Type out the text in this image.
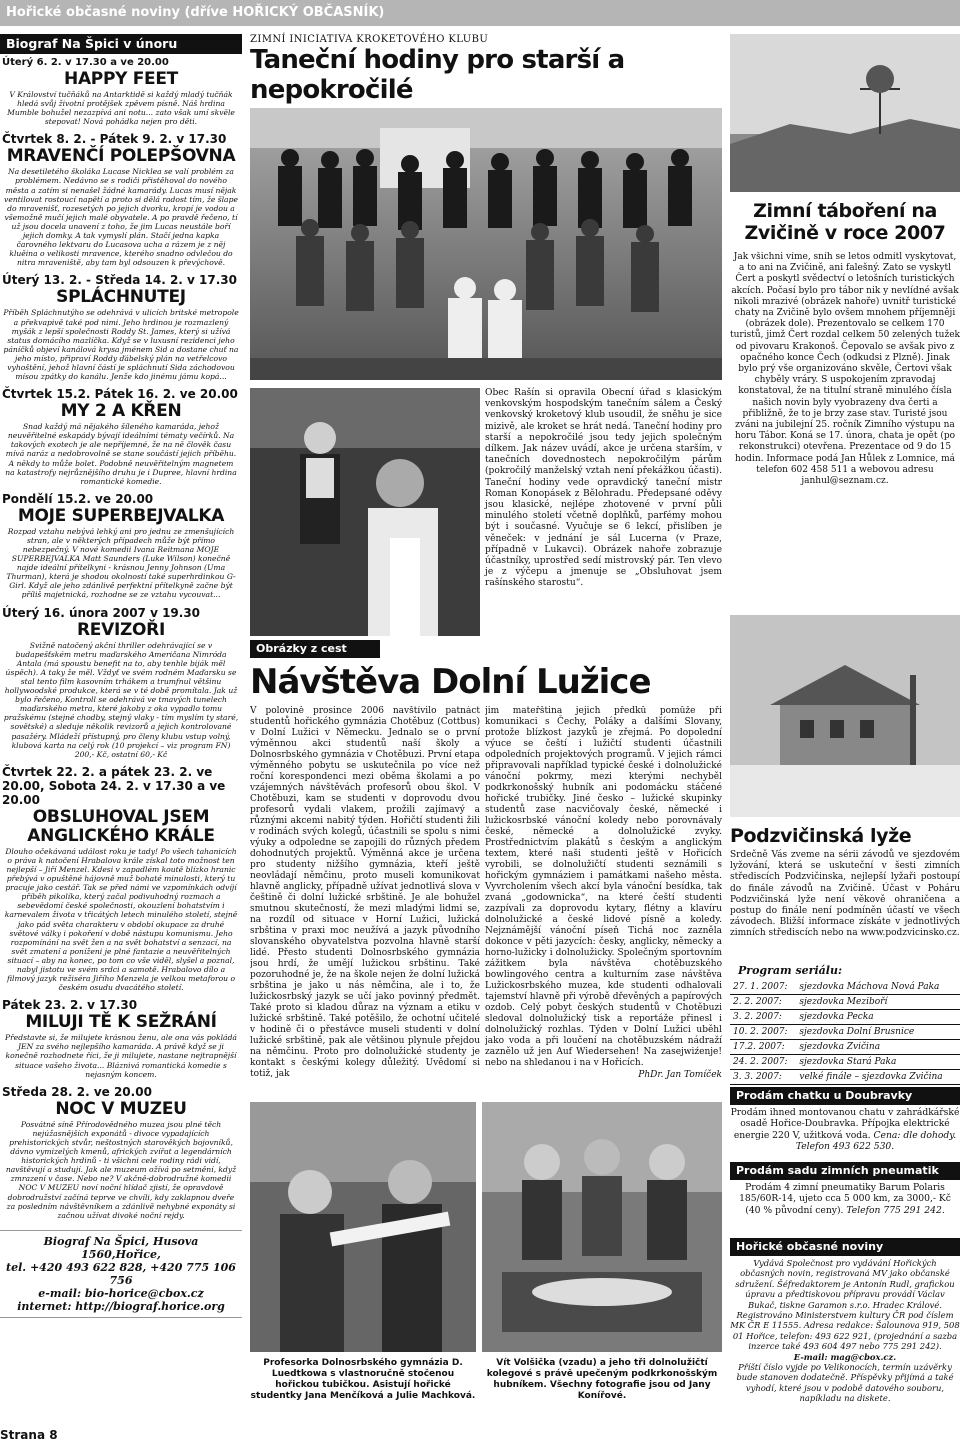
Hořické občasné noviny (dříve HOŘICKÝ OBČASNÍK)
Biograf Na Špici v únoru
Úterý 6. 2. v 17.30 a ve 20.00
HAPPY FEET
V Království tučňáků na Antarktidě si každý mladý tučňák hledá svůj životní protějšek zpěvem písně. Náš hrdina Mumble bohužel nezazpívá ani notu... zato však umí skvěle stepovat! Nová pohádka nejen pro děti.
Čtvrtek 8. 2. - Pátek 9. 2. v 17.30
MRAVENČÍ POLEPŠOVNA
Na desetiletého školáka Lucase Nicklea se valí problém za problémem. Nedávno se s rodiči přistěhoval do nového města a zatím si nenašel žádné kamarády. Lucas musí nějak ventilovat rostoucí napětí a proto si dělá radost tím, že šlape do mravenišť, rozesetých po jejich dvorku, kropí je vodou a všemožně mučí jejich malé obyvatele. A po pravdě řečeno, tí už jsou docela unavení z toho, že jim Lucas neustále boří jejich domky. A tak vymyslí plán. Stačí jedna kapka čarovného lektvaru do Lucasova ucha a rázem je z něj kluěina o velikosti mravence, kterého snadno odvlečou do nitra mraveniště, aby tam byl odsouzen k převýchově.
Úterý 13. 2. - Středa 14. 2. v 17.30
SPLÁCHNUTEJ
Příběh Spláchnutýho se odehrává v ulicích britské metropole a překvapivě také pod nimi. Jeho hrdinou je rozmazlený myšák z lepší společnosti Roddy St. James, který si užívá status domácího mazlíčka. Když se v luxusní rezidenci jeho páníčků objeví kanálová krysa jménem Sid a dostane chuť na jeho místo, připraví Roddy ďábelský plán na vetřelcovo vyhoštění, jehož hlavní částí je spláchnutí Sida záchodovou mísou zpátky do kanálu. Jenže kdo jinému jámu kopá...
Čtvrtek 15.2. Pátek 16. 2. ve 20.00
MY 2 A KŘEN
Snad každý má nějakého šíleného kamaráda, jehož neuvěřitelné eskapády bývají ideálními tématy večírků. Na takových exotech je ale nepříjemné, že na ně člověk času mívá naráz a nedobrovolně se stane součástí jejich příběhu. A někdy to může bolet. Podobně neuvěřitelným magnetem na katastrofy nejrůznějšího druhu je i Dupree, hlavní hrdina romantické komedie.
Pondělí 15.2. ve 20.00
MOJE SUPERBEJVALKA
Rozpad vztahu nebývá lehký ani pro jednu ze zmenšujících stran, ale v některých případech může být přímo nebezpečný. V nové komedii Ivana Reitmana MOJE SUPERBEJVALKA Matt Saunders (Luke Wilson) konečně najde ideální přítelkyni - krásnou Jenny Johnson (Uma Thurman), která je shodou okolností také superhrdinkou G-Girl. Když ale jeho zdánlivě perfektní přítelkyně začne být příliš majetnická, rozhodne se ze vztahu vycouvat...
Úterý 16. února 2007 v 19.30
REVIZOŘI
Svižně natočený akční thriller odehrávající se v budapešťském metru maďarského Američana Nimróda Antala (má spoustu benefit na to, aby tenhle biják měl úspěch). A taky že měl. Vždyť ve svém rodném Maďarsku se stal tento film kasovním trhákem a trumfnul většinu hollywoodské produkce, která se v té době promítala. Jak už bylo řečeno, Kontroll se odehrává ve tmavých tunelech maďarského metra, které jakoby z oka vypadlo tomu pražskému (stejné chodby, stejný vlaky - tím myslím ty staré, sovětské) a sleduje několik revizorů a jejich kontrolované pasažéry. Mládeží přístupný, pro členy klubu vstup volný, klubová karta na celý rok (10 projekcí – viz program FN) 200,- Kč, ostatní 60,- Kč
Čtvrtek 22. 2. a pátek 23. 2. ve 20.00, Sobota 24. 2. v 17.30 a ve 20.00
OBSLUHOVAL JSEM ANGLICKÉHO KRÁLE
Dlouho očekávaná událost roku je tady! Po všech tahanicích o práva k natočení Hrabalova krále získal toto možnost ten nejlepší – Jiří Menzel. Kdesi v zapadlém koutě blízko hranic přebývá v opuštěné hájovně muž bohaté minulosti, který tu pracuje jako cestář. Tak se před námi ve vzpomínkách odvíjí příběh pikolíka, který začal podivuhodný rozmach a sebevědomí české společnosti, okouzlení bohatstvím i karnevalem života v třicátých letech minulého století, stejně jako pád světa charakteru v období okupace za druhé světové války i pokoření v době nástupu komunismu. Jeho rozpomínání na svět žen a na svět bohatství a senzací, na svět zmatení a poníženi je plné fantazie a neuvěřitelných situací – aby na konec, po tom co vše viděl, slyšel a poznal, nabyl jistotu ve svém srdci a samotě. Hrabalovo dílo a filmový jazyk režiséra Jiřího Menzela je velkou metaforou o českém osudu dvacátého století.
Pátek 23. 2. v 17.30
MILUJI TĚ K SEŽRÁNÍ
Představte si, že milujete krásnou ženu, ale ona vás pokládá JEN za svého nejlepšího kamaráda. A právě když se ji konečně rozhodnete říci, že ji milujete, nastane nejtrapnější situace vašeho života... Bláznivá romantická komedie s nejasným koncem.
Středa 28. 2. ve 20.00
NOC V MUZEU
Posvátné síně Přírodovědného muzea jsou plné těch nejúžasnějších exponátů - divoce vypadajících prehistorických stvůr, neštostných starověkých bojovníků, dávno vymizelých kmenů, afrických zvířat a legendárních historických hrdinů - ti všichni cele rodiny rádi vidí, navštěvují a studují. Jak ale muzeum ožívá po setmění, když zmrazení v čase. Nebo ne? V akčně-dobrodružné komedii NOC V MUZEU noví noční hlídač zjistí, že opravdově dobrodružství začíná teprve ve chvíli, kdy zaklapnou dveře za posledním návštěvníkem a zdánlivě nehybné exponáty si začnou užívat divoké noční rejdy.
Biograf Na Špici, Husova 1560,Hořice,
tel. +420 493 622 828, +420 775 106 756
e-mail: bio-horice@cbox.cz
internet: http://biograf.horice.org
Strana 8
ZIMNÍ INICIATIVA KROKETOVÉHO KLUBU
Taneční hodiny pro starší a nepokročilé
Obec Rašín si opravila Obecní úřad s klasickým venkovským hospodským tanečním sálem a Český venkovský kroketový klub usoudil, že sněhu je sice mizivě, ale kroket se hrát nedá. Taneční hodiny pro starší a nepokročilé jsou tedy jejich společným dílkem. Jak název uvádí, akce je určena starším, v tanečních dovednostech nepokročilým párům (pokročilý manželský vztah není překážkou účasti). Taneční hodiny vede opravdický taneční mistr Roman Konopásek z Bělohradu. Předepsané oděvy jsou klasické, nejlépe zhotovené v první půli minulého století včetně doplňků, parfémy mohou být i současné. Vyučuje se 6 lekcí, přislíben je věneček: v jednání je sál Lucerna (v Praze, případně v Lukavci). Obrázek nahoře zobrazuje účastníky, uprostřed sedí mistrovský pár. Ten vlevo je z výčepu a jmenuje se „Obsluhovat jsem rašínského starostu“.
Obrázky z cest
Návštěva Dolní Lužice
V polovině prosince 2006 navštívilo patnáct studentů hořického gymnázia Chotěbuz (Cottbus) v Dolní Lužici v Německu. Jednalo se o první výměnnou akci studentů naší školy a Dolnosrbského gymnázia v Chotěbuzi. První etapa výměnného pobytu se uskutečnila po více než roční korespondenci mezi oběma školami a po vzájemných návštěvách profesorů obou škol. V Chotěbuzi, kam se studenti v doprovodu dvou profesorů vydali vlakem, prožili zajímavý a různými akcemi nabitý týden. Hořičtí studenti žili v rodinách svých kolegů, účastnili se spolu s nimi výuky a odpoledne se zapojili do různých předem dohodnutých projektů. Výměnná akce je určena pro studenty nižšího gymnázia, kteří ještě neovládají němčinu, proto museli komunikovat hlavně anglicky, případně užívat jednotlivá slova v češtině či dolní lužické srbštině. Je ale bohužel smutnou skutečností, že mezi mladými lidmi se, na rozdíl od situace v Horní Lužici, lužická srbština v praxi moc neužívá a jazyk původního slovanského obyvatelstva pozvolna hlavně starší lidé. Přesto studenti Dolnosrbského gymnázia jsou hrdí, že umějí lužickou srbštinu. Také pozoruhodné je, že na škole nejen že dolní lužická srbština je jako u nás němčina, ale i to, že lužickosrbský jazyk se učí jako povinný předmět. Také proto si kladou důraz na význam a etiku v lužické srbštině. Také potěšilo, že ochotní učitelé v hodině či o přestávce museli studenti v dolní lužické srbštině, pak ale většinou plynule přejdou na němčinu. Proto pro dolnolužické studenty je kontakt s českými kolegy důležitý. Uvědomí si totiž, jak
jim mateřština jejich předků pomůže při komunikaci s Čechy, Poláky a dalšími Slovany, protože blízkost jazyků je zřejmá. Po dopolední výuce se čeští i lužičtí studenti účastnili odpoledních projektových programů. V jejich rámci připravovali například typické české i dolnolužické vánoční pokrmy, mezi kterými nechyběl podkrkonošský hubník ani podomácku stáčené hořické trubičky. Jiné česko – lužické skupinky studentů zase nacvičovaly české, německé i lužickosrbské vánoční koledy nebo porovnávaly české, německé a dolnolužické zvyky. Prostřednictvím plakátů s českým a anglickým textem, které naši studenti ještě v Hořicích vyrobili, se dolnolužičtí studenti seznámili s hořickým gymnáziem i památkami našeho města. Vyvrcholením všech akcí byla vánoční besídka, tak zvaná „godownicka“, na které čeští studenti zazpívali za doprovodu kytary, flétny a klavíru dolnolužické a české lidové písně a koledy. Nejznámější vánoční píseň Tichá noc zazněla dokonce v pěti jazycích: česky, anglicky, německy a horno-lužicky i dolnolužicky. Společným sportovním zážitkem byla návštěva chotěbuzského bowlingového centra a kulturním zase návštěva Lužickosrbského muzea, kde studenti odhalovali tajemství hlavně při výrobě dřevěných a papírových ozdob. Celý pobyt českých studentů v Chotěbuzi sledoval dolnolužický tisk a reportáže přinesl i dolnolužický rozhlas. Týden v Dolní Lužici uběhl jako voda a při loučení na chotěbuzském nádraží zaznělo už jen Auf Wiedersehen! Na zasejwiźenje! nebo na shledanou i na v Hořicích.
PhDr. Jan Tomíček
Profesorka Dolnosrbského gymnázia D. Luedtkowa s vlastnoručně stočenou hořickou tubičkou. Asistují hořické studentky Jana Menčíková a Julie Machková.
Vít Volšička (vzadu) a jeho tři dolnolužičtí kolegové s právě upečeným podkrkonošským hubníkem. Všechny fotografie jsou od Jany Konířové.
Zimní táboření na Zvičině v roce 2007
Jak všichni víme, sníh se letos odmítl vyskytovat, a to ani na Zvičině, ani falešný. Zato se vyskytl Čert a poskytl svědectví o letošních turistických akcích. Počasí bylo pro tábor nik y nevlídné avšak nikoli mrazivé (obrázek nahoře) uvnitř turistické chaty na Zvičině bylo ovšem mnohem příjemněji (obrázek dole). Prezentovalo se celkem 170 turistů, jimž Čert rozdal celkem 50 zelených tužek od pivovaru Krakonoš. Čepovalo se avšak pivo z opačného konce Čech (odkudsi z Plzně). Jinak bylo prý vše organizováno skvěle, Čertovi však chyběly vráry. S uspokojením zpravodaj konstatoval, že na titulní straně minulého čísla našich novin byly vyobrazeny dva čerti a přibližně, že to je brzy zase stav. Turisté jsou zváni na jubilejní 25. ročník Zimního výstupu na horu Tábor. Koná se 17. února, chata je opět (po rekonstrukci) otevřena. Prezentace od 9 do 15 hodin. Informace podá Jan Hůlek z Lomnice, má telefon 602 458 511 a webovou adresu janhul@seznam.cz.
Podzvičinská lyže
Srdečně Vás zveme na sérii závodů ve sjezdovém lyžování, která se uskuteční v šesti zimních střediscích Podzvičinska, nejlepší lyžaři postoupí do finále závodů na Zvičině. Účast v Poháru Podzvičinská lyže není věkově ohraničena a postup do finále není podmíněn účastí ve všech závodech. Bližší informace získáte v jednotlivých zimních střediscích nebo na www.podzvicinsko.cz.
Program seriálu:
27. 1. 2007:	sjezdovka Máchova Nová Paka
2. 2. 2007:	sjezdovka Meziboří
3. 2. 2007:	sjezdovka Pecka
10. 2. 2007:	sjezdovka Dolní Brusnice
17.2. 2007:	sjezdovka Zvičina
24. 2. 2007:	sjezdovka Stará Paka
3. 3. 2007:	velké finále – sjezdovka Zvičina
Prodám chatku u Doubravky
Prodám ihned montovanou chatu v zahrádkářské osadě Hořice-Doubravka. Přípojka elektrické energie 220 V, užitková voda. Cena: dle dohody. Telefon 493 622 530.
Prodám sadu zimních pneumatik
Prodám 4 zimní pneumatiky Barum Polaris 185/60R-14, ujeto cca 5 000 km, za 3000,- Kč (40 % původní ceny). Telefon 775 291 242.
Hořické občasné noviny
Vydává Společnost pro vydávání Hořických občasných novin, registrovaná MV jako občanské sdružení. Šéfredaktorem je Antonín Rudl, grafickou úpravu a předtiskovou přípravu provádí Václav Bukač, tiskne Garamon s.r.o. Hradec Králové. Registrováno Ministerstvem kultury ČR pod číslem MK ČR E 11555. Adresa redakce: Šalounova 919, 508 01 Hořice, telefon: 493 622 921, (projednání a sazba inzerce také 493 604 497 nebo 775 291 242).
E-mail: mag@cbox.cz.
Příští číslo vyjde po Velikonocích, termín uzávěrky bude stanoven dodatečně. Příspěvky přijímá a také vyhodí, které jsou v podobě datového souboru, napíkladu na diskete.
